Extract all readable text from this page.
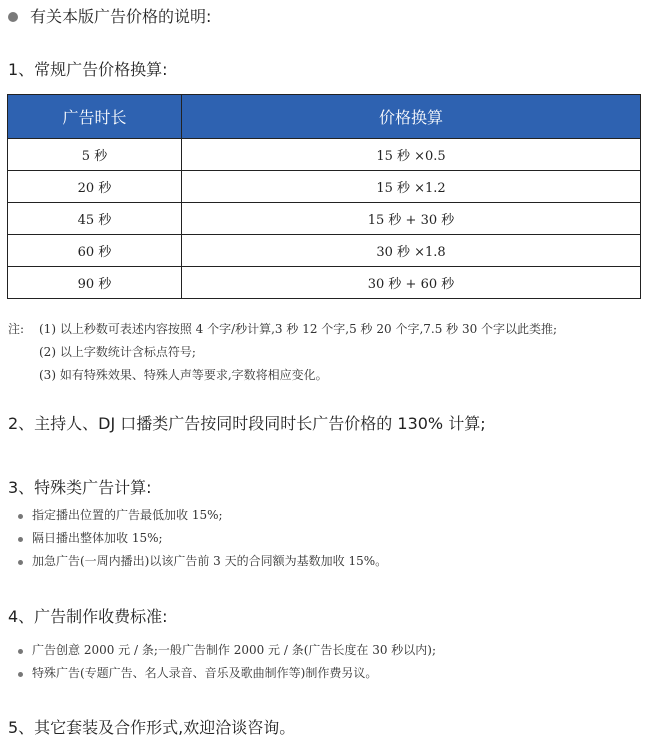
有关本版广告价格的说明:
1、常规广告价格换算:
广告时长	价格换算
5 秒	15 秒 ×0.5
20 秒	15 秒 ×1.2
45 秒	15 秒 + 30 秒
60 秒	30 秒 ×1.8
90 秒	30 秒 + 60 秒
注: (1) 以上秒数可表述内容按照 4 个字/秒计算,3 秒 12 个字,5 秒 20 个字,7.5 秒 30 个字以此类推;
(2) 以上字数统计含标点符号;
(3) 如有特殊效果、特殊人声等要求,字数将相应变化。
2、主持人、DJ 口播类广告按同时段同时长广告价格的 130% 计算;
3、特殊类广告计算:
指定播出位置的广告最低加收 15%;
隔日播出整体加收 15%;
加急广告(一周内播出)以该广告前 3 天的合同额为基数加收 15%。
4、广告制作收费标准:
广告创意 2000 元 / 条;一般广告制作 2000 元 / 条(广告长度在 30 秒以内);
特殊广告(专题广告、名人录音、音乐及歌曲制作等)制作费另议。
5、其它套装及合作形式,欢迎洽谈咨询。
